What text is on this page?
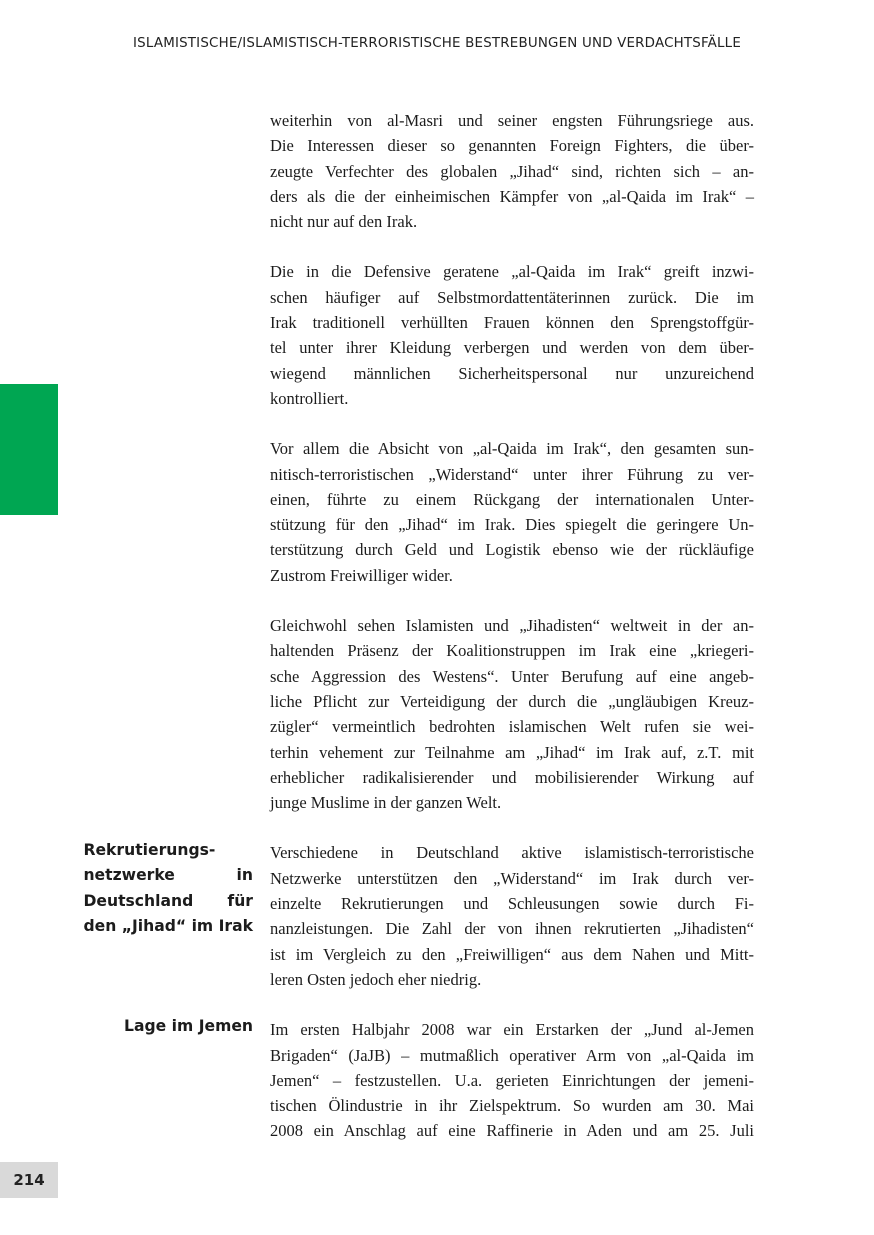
ISLAMISTISCHE/ISLAMISTISCH-TERRORISTISCHE BESTREBUNGEN UND VERDACHTSFÄLLE
214
Rekrutierungs-
netzwerke in
Deutschland für
den „Jihad“ im Irak
Lage im Jemen

weiterhin von al-Masri und seiner engsten Führungsriege aus.
Die Interessen dieser so genannten Foreign Fighters, die über-
zeugte Verfechter des globalen „Jihad“ sind, richten sich – an-
ders als die der einheimischen Kämpfer von „al-Qaida im Irak“ –
nicht nur auf den Irak.

Die in die Defensive geratene „al-Qaida im Irak“ greift inzwi-
schen häufiger auf Selbstmordattentäterinnen zurück. Die im
Irak traditionell verhüllten Frauen können den Sprengstoffgür-
tel unter ihrer Kleidung verbergen und werden von dem über-
wiegend männlichen Sicherheitspersonal nur unzureichend
kontrolliert.

Vor allem die Absicht von „al-Qaida im Irak“, den gesamten sun-
nitisch-terroristischen „Widerstand“ unter ihrer Führung zu ver-
einen, führte zu einem Rückgang der internationalen Unter-
stützung für den „Jihad“ im Irak. Dies spiegelt die geringere Un-
terstützung durch Geld und Logistik ebenso wie der rückläufige
Zustrom Freiwilliger wider.

Gleichwohl sehen Islamisten und „Jihadisten“ weltweit in der an-
haltenden Präsenz der Koalitionstruppen im Irak eine „kriegeri-
sche Aggression des Westens“. Unter Berufung auf eine angeb-
liche Pflicht zur Verteidigung der durch die „ungläubigen Kreuz-
zügler“ vermeintlich bedrohten islamischen Welt rufen sie wei-
terhin vehement zur Teilnahme am „Jihad“ im Irak auf, z.T. mit
erheblicher radikalisierender und mobilisierender Wirkung auf
junge Muslime in der ganzen Welt.

Verschiedene in Deutschland aktive islamistisch-terroristische
Netzwerke unterstützen den „Widerstand“ im Irak durch ver-
einzelte Rekrutierungen und Schleusungen sowie durch Fi-
nanzleistungen. Die Zahl der von ihnen rekrutierten „Jihadisten“
ist im Vergleich zu den „Freiwilligen“ aus dem Nahen und Mitt-
leren Osten jedoch eher niedrig.

Im ersten Halbjahr 2008 war ein Erstarken der „Jund al-Jemen
Brigaden“ (JaJB) – mutmaßlich operativer Arm von „al-Qaida im
Jemen“ – festzustellen. U.a. gerieten Einrichtungen der jemeni-
tischen Ölindustrie in ihr Zielspektrum. So wurden am 30. Mai
2008 ein Anschlag auf eine Raffinerie in Aden und am 25. Juli
